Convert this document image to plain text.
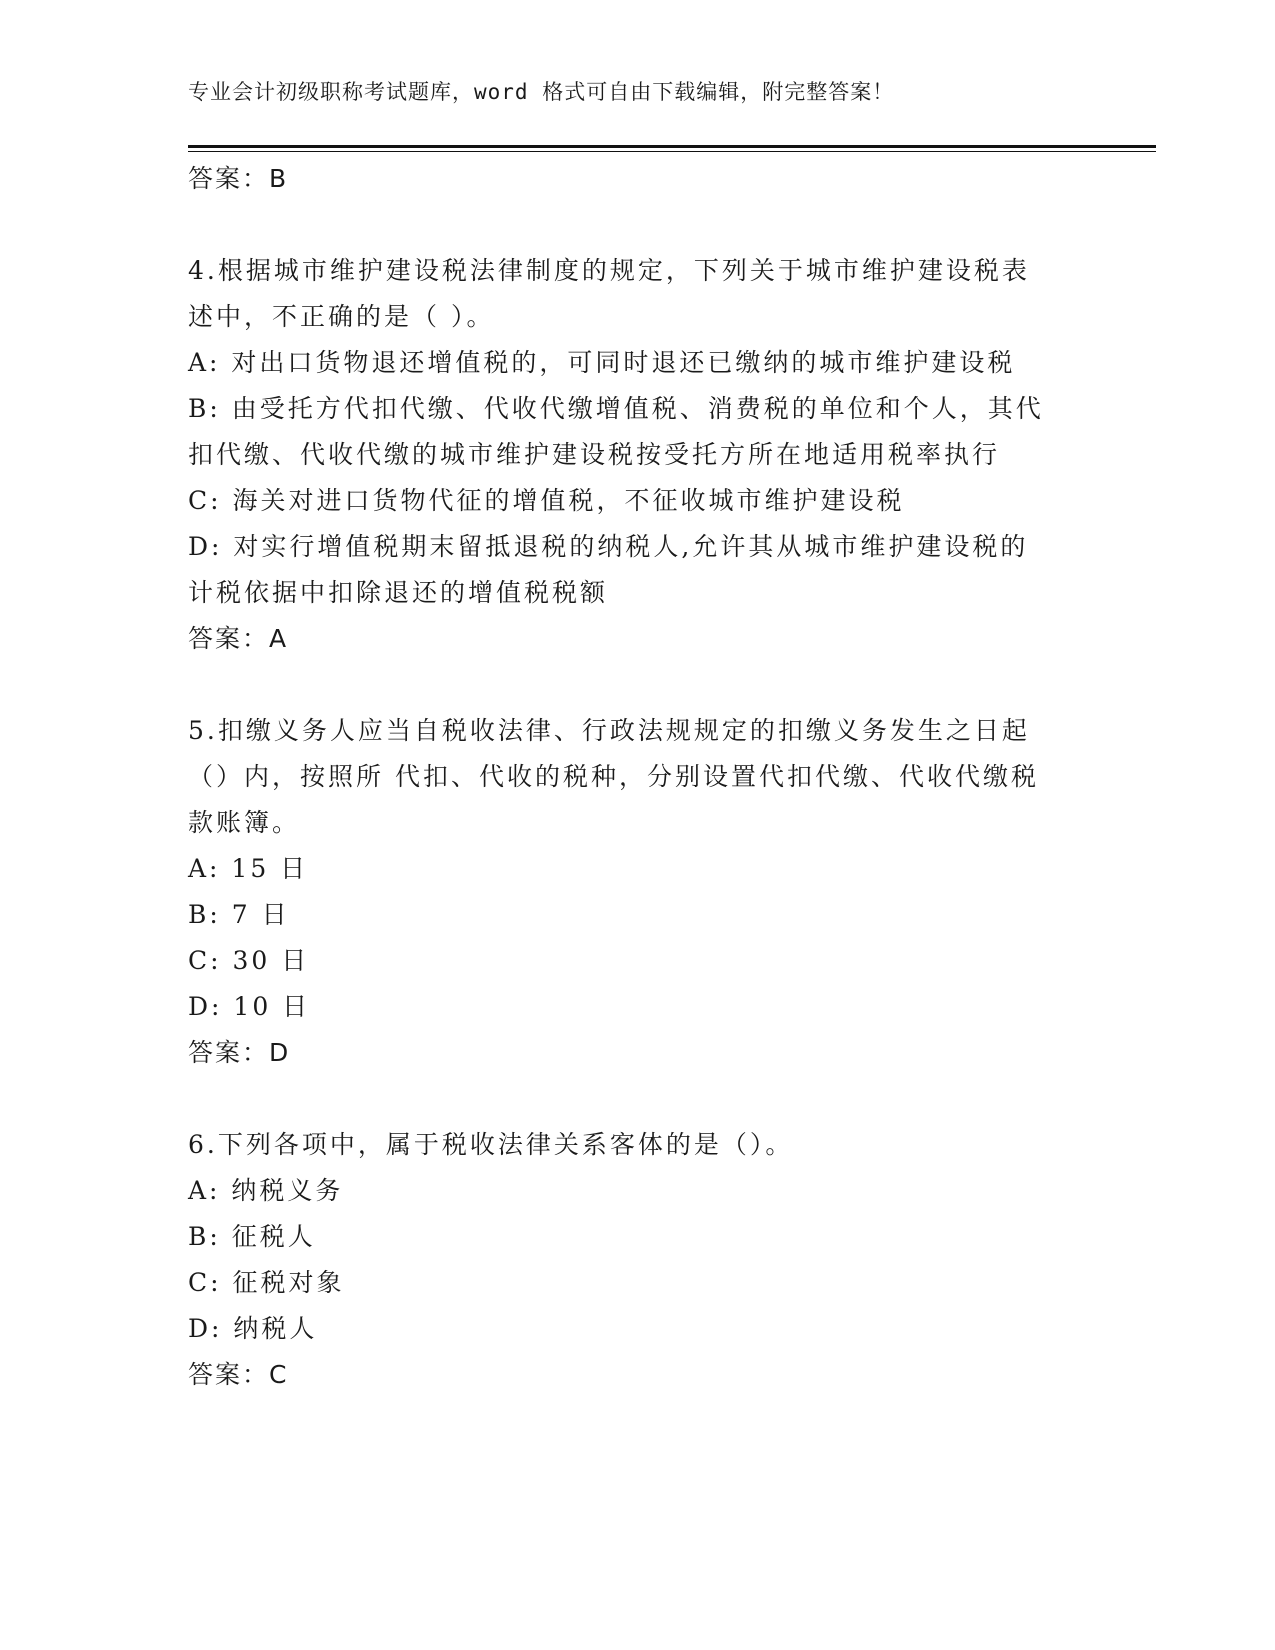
专业会计初级职称考试题库，word 格式可自由下载编辑，附完整答案！
答案：B
4.根据城市维护建设税法律制度的规定，下列关于城市维护建设税表
述中，不正确的是（ ）。
A: 对出口货物退还增值税的，可同时退还已缴纳的城市维护建设税
B: 由受托方代扣代缴、代收代缴增值税、消费税的单位和个人，其代
扣代缴、代收代缴的城市维护建设税按受托方所在地适用税率执行
C: 海关对进口货物代征的增值税，不征收城市维护建设税
D: 对实行增值税期末留抵退税的纳税人,允许其从城市维护建设税的
计税依据中扣除退还的增值税税额
答案：A
5.扣缴义务人应当自税收法律、行政法规规定的扣缴义务发生之日起
（）内，按照所 代扣、代收的税种，分别设置代扣代缴、代收代缴税
款账簿。
A: 15 日
B: 7 日
C: 30 日
D: 10 日
答案：D
6.下列各项中，属于税收法律关系客体的是（）。
A: 纳税义务
B: 征税人
C: 征税对象
D: 纳税人
答案：C
